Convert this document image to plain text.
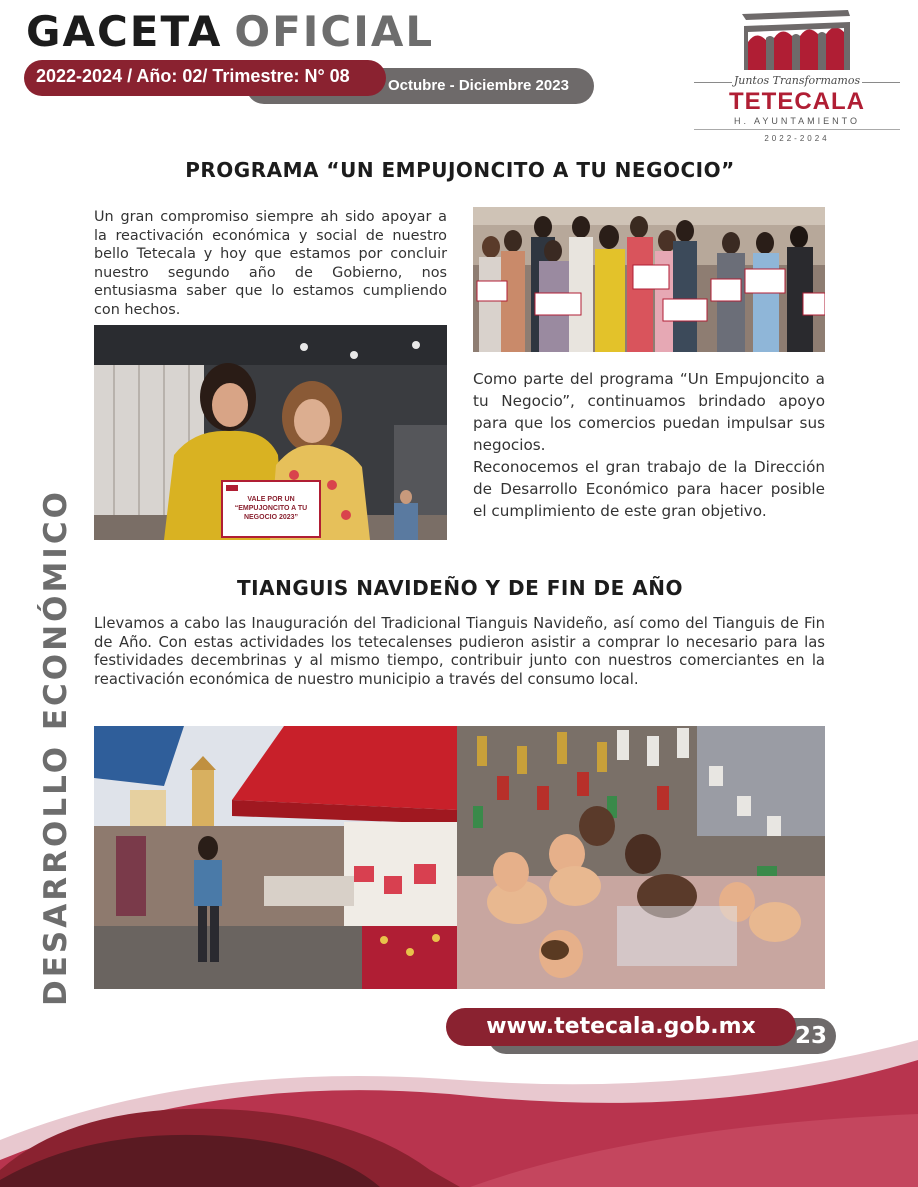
GACETA OFICIAL
Octubre - Diciembre 2023
2022-2024 / Año: 02/ Trimestre: N° 08	Juntos Transformamos
TETECALA
H. AYUNTAMIENTO
2022-2024
PROGRAMA “UN EMPUJONCITO A TU NEGOCIO”
Un gran compromiso siempre ah sido apoyar a la reactivación económica y social de nuestro bello Tetecala y hoy que estamos por concluir nuestro segundo año de Gobierno, nos entusiasma saber que lo estamos cumpliendo con hechos.
VALE POR UN “EMPUJONCITO A TU NEGOCIO 2023”
Como parte del programa “Un Empujoncito a tu Negocio”, continuamos brindado apoyo para que los comercios puedan impulsar sus negocios.
Reconocemos el gran trabajo de la Dirección de Desarrollo Económico para hacer posible el cumplimiento de este gran objetivo.
TIANGUIS NAVIDEÑO Y DE FIN DE AÑO
Llevamos a cabo las Inauguración del Tradicional Tianguis Navideño, así como del Tianguis de Fin de Año. Con estas actividades los tetecalenses pudieron asistir a comprar lo necesario para las festividades decembrinas y al mismo tiempo, contribuir junto con nuestros comerciantes en la reactivación económica de nuestro municipio a través del consumo local.
DESARROLLO ECONÓMICO
www.tetecala.gob.mx	23
